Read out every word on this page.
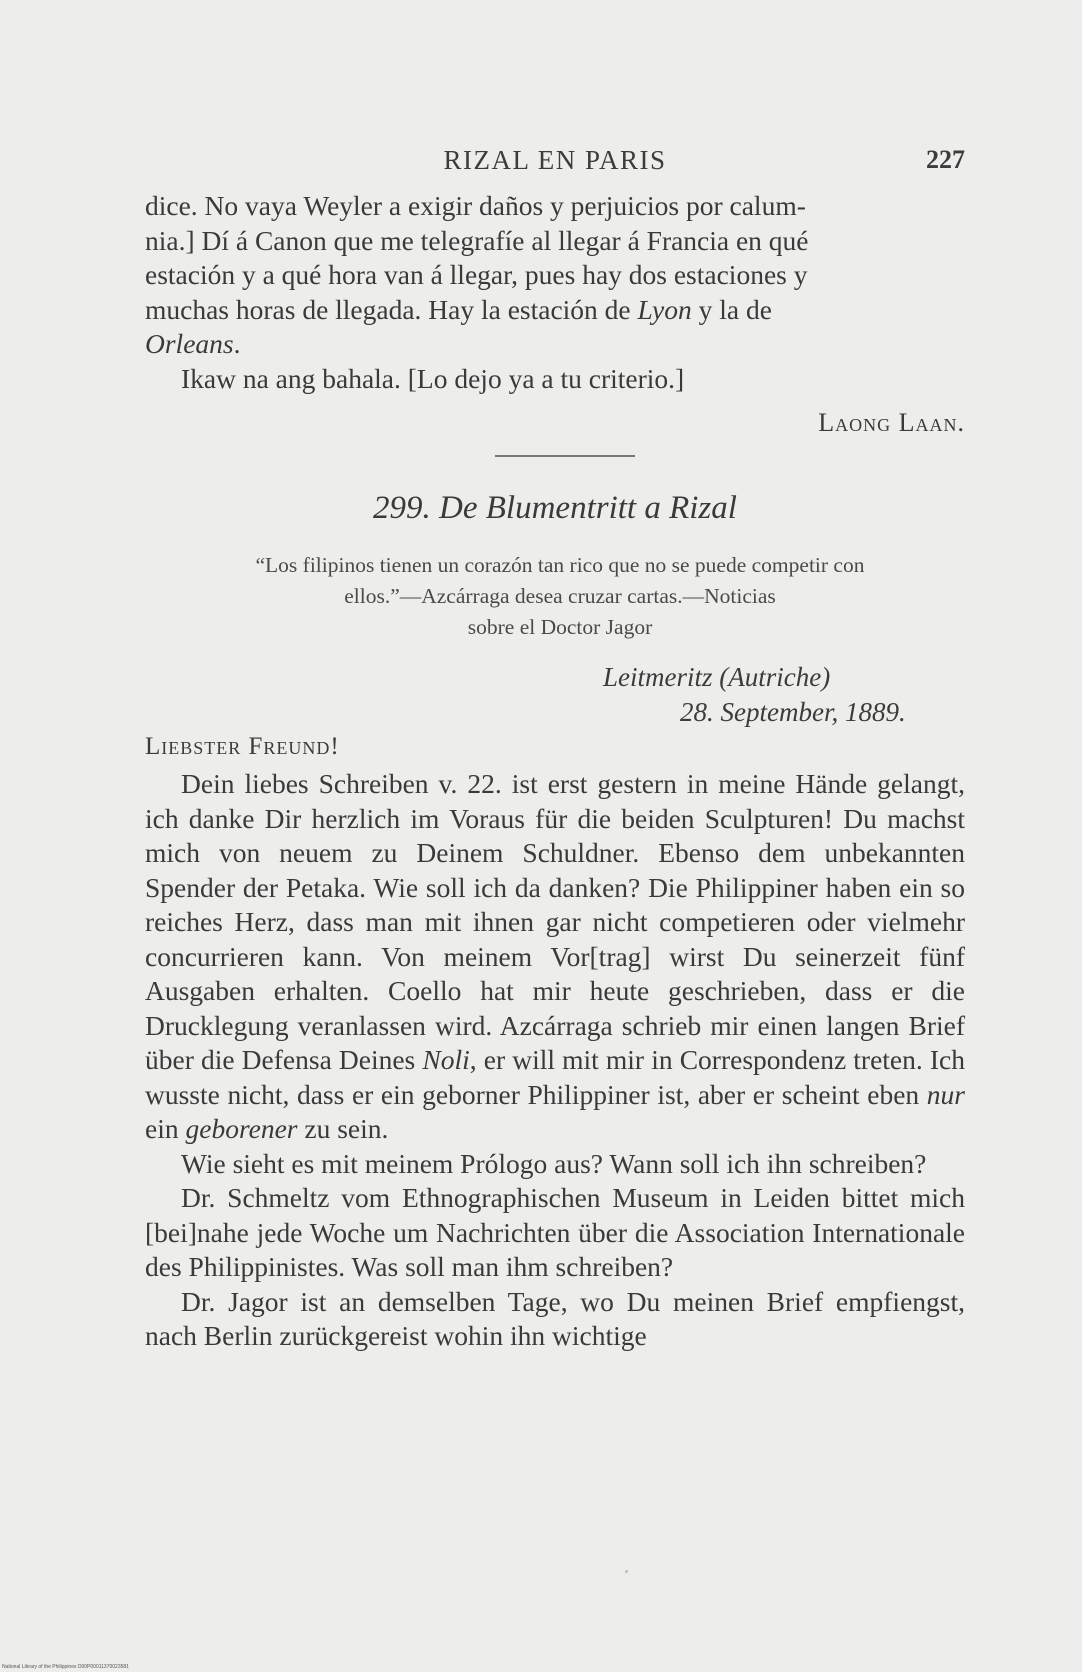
RIZAL EN PARIS	227

dice. No vaya Weyler a exigir daños y perjuicios por calum-

nia.] Dí á Canon que me telegrafíe al llegar á Francia en qué

estación y a qué hora van á llegar, pues hay dos estaciones y

muchas horas de llegada. Hay la estación de Lyon y la de

Orleans.

Ikaw na ang bahala. [Lo dejo ya a tu criterio.]

Laong Laan.
299. De Blumentritt a Rizal
“Los filipinos tienen un corazón tan rico que no se puede competir con
ellos.”—Azcárraga desea cruzar cartas.—Noticias
sobre el Doctor Jagor
Leitmeritz (Autriche)
28. September, 1889.
Liebster Freund!

Dein liebes Schreiben v. 22. ist erst gestern in meine Hände gelangt, ich danke Dir herzlich im Voraus für die beiden Sculpturen! Du machst mich von neuem zu Deinem Schuldner. Ebenso dem unbekannten Spender der Petaka. Wie soll ich da danken? Die Philippiner haben ein so reiches Herz, dass man mit ihnen gar nicht competieren oder vielmehr concurrieren kann. Von meinem Vor[trag] wirst Du seinerzeit fünf Ausgaben erhalten. Coello hat mir heute geschrieben, dass er die Drucklegung veranlassen wird. Azcárraga schrieb mir einen langen Brief über die Defensa Deines Noli, er will mit mir in Correspondenz treten. Ich wusste nicht, dass er ein geborner Philippiner ist, aber er scheint eben nur ein geborener zu sein.

Wie sieht es mit meinem Prólogo aus? Wann soll ich ihn schreiben?

Dr. Schmeltz vom Ethnographischen Museum in Leiden bittet mich [bei]nahe jede Woche um Nachrichten über die Association Internationale des Philippinistes. Was soll man ihm schreiben?

Dr. Jagor ist an demselben Tage, wo Du meinen Brief empfiengst, nach Berlin zurückgereist wohin ihn wichtige

National Library of the Philippines D00P00011370023581
